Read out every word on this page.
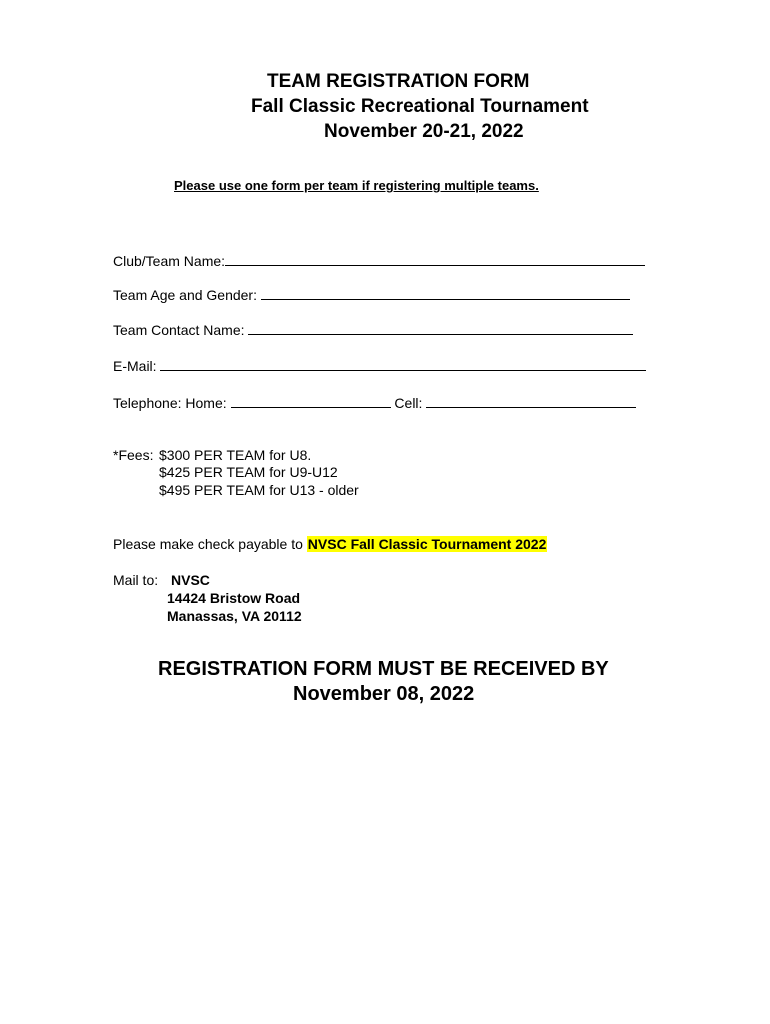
TEAM REGISTRATION FORM
Fall Classic Recreational Tournament
November 20-21, 2022
Please use one form per team if registering multiple teams.
Club/Team Name:
Team Age and Gender:
Team Contact Name:
E-Mail:
Telephone: Home:	Cell:
*Fees: $300 PER TEAM for U8.
$425 PER TEAM for U9-U12
$495 PER TEAM for U13 - older
Please make check payable to NVSC Fall Classic Tournament 2022
Mail to: NVSC
14424 Bristow Road
Manassas, VA 20112
REGISTRATION FORM MUST BE RECEIVED BY
November 08, 2022
